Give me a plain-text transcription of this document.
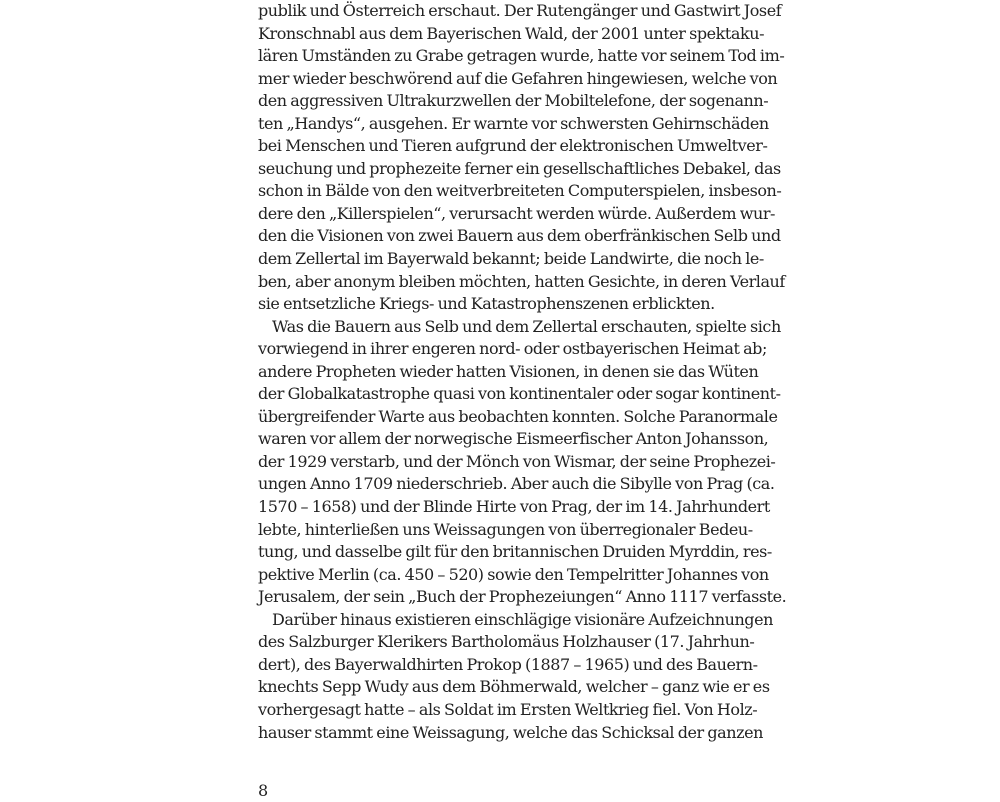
publik und Österreich erschaut. Der Rutengänger und Gastwirt Josef
Kronschnabl aus dem Bayerischen Wald, der 2001 unter spektaku-
lären Umständen zu Grabe getragen wurde, hatte vor seinem Tod im-
mer wieder beschwörend auf die Gefahren hingewiesen, welche von
den aggressiven Ultrakurzwellen der Mobiltelefone, der sogenann-
ten „Handys“, ausgehen. Er warnte vor schwersten Gehirnschäden
bei Menschen und Tieren aufgrund der elektronischen Umweltver-
seuchung und prophezeite ferner ein gesellschaftliches Debakel, das
schon in Bälde von den weitverbreiteten Computerspielen, insbeson-
dere den „Killerspielen“, verursacht werden würde. Außerdem wur-
den die Visionen von zwei Bauern aus dem oberfränkischen Selb und
dem Zellertal im Bayerwald bekannt; beide Landwirte, die noch le-
ben, aber anonym bleiben möchten, hatten Gesichte, in deren Verlauf
sie entsetzliche Kriegs- und Katastrophenszenen erblickten.
Was die Bauern aus Selb und dem Zellertal erschauten, spielte sich
vorwiegend in ihrer engeren nord- oder ostbayerischen Heimat ab;
andere Propheten wieder hatten Visionen, in denen sie das Wüten
der Globalkatastrophe quasi von kontinentaler oder sogar kontinent-
übergreifender Warte aus beobachten konnten. Solche Paranormale
waren vor allem der norwegische Eismeerfischer Anton Johansson,
der 1929 verstarb, und der Mönch von Wismar, der seine Prophezei-
ungen Anno 1709 niederschrieb. Aber auch die Sibylle von Prag (ca.
1570 – 1658) und der Blinde Hirte von Prag, der im 14. Jahrhundert
lebte, hinterließen uns Weissagungen von überregionaler Bedeu-
tung, und dasselbe gilt für den britannischen Druiden Myrddin, res-
pektive Merlin (ca. 450 – 520) sowie den Tempelritter Johannes von
Jerusalem, der sein „Buch der Prophezeiungen“ Anno 1117 verfasste.
Darüber hinaus existieren einschlägige visionäre Aufzeichnungen
des Salzburger Klerikers Bartholomäus Holzhauser (17. Jahrhun-
dert), des Bayerwaldhirten Prokop (1887 – 1965) und des Bauern-
knechts Sepp Wudy aus dem Böhmerwald, welcher – ganz wie er es
vorhergesagt hatte – als Soldat im Ersten Weltkrieg fiel. Von Holz-
hauser stammt eine Weissagung, welche das Schicksal der ganzen
8
